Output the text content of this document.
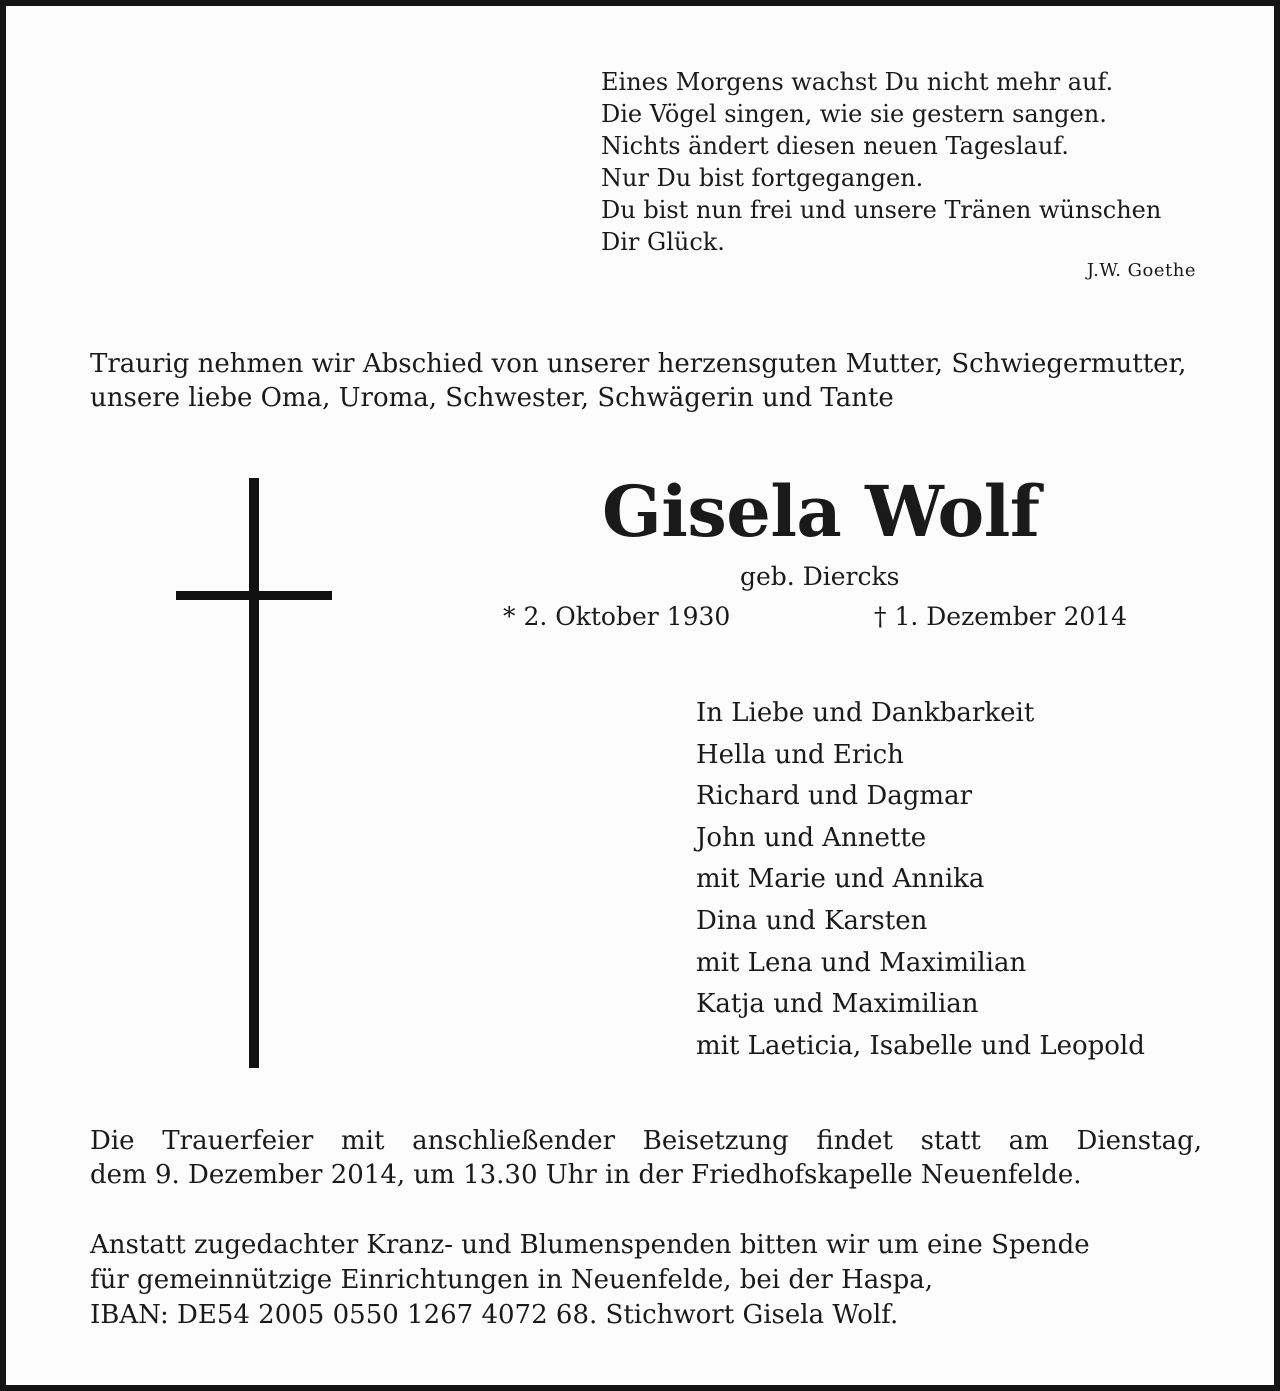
Eines Morgens wachst Du nicht mehr auf.
Die Vögel singen, wie sie gestern sangen.
Nichts ändert diesen neuen Tageslauf.
Nur Du bist fortgegangen.
Du bist nun frei und unsere Tränen wünschen
Dir Glück.
J.W. Goethe
Traurig nehmen wir Abschied von unserer herzensguten Mutter, Schwiegermutter,
unsere liebe Oma, Uroma, Schwester, Schwägerin und Tante
Gisela Wolf
geb. Diercks
* 2. Oktober 1930	† 1. Dezember 2014
In Liebe und Dankbarkeit
Hella und Erich
Richard und Dagmar
John und Annette
mit Marie und Annika
Dina und Karsten
mit Lena und Maximilian
Katja und Maximilian
mit Laeticia, Isabelle und Leopold
Die Trauerfeier mit anschließender Beisetzung findet statt am Dienstag,
dem 9. Dezember 2014, um 13.30 Uhr in der Friedhofskapelle Neuenfelde.
Anstatt zugedachter Kranz- und Blumenspenden bitten wir um eine Spende
für gemeinnützige Einrichtungen in Neuenfelde, bei der Haspa,
IBAN: DE54 2005 0550 1267 4072 68. Stichwort Gisela Wolf.
